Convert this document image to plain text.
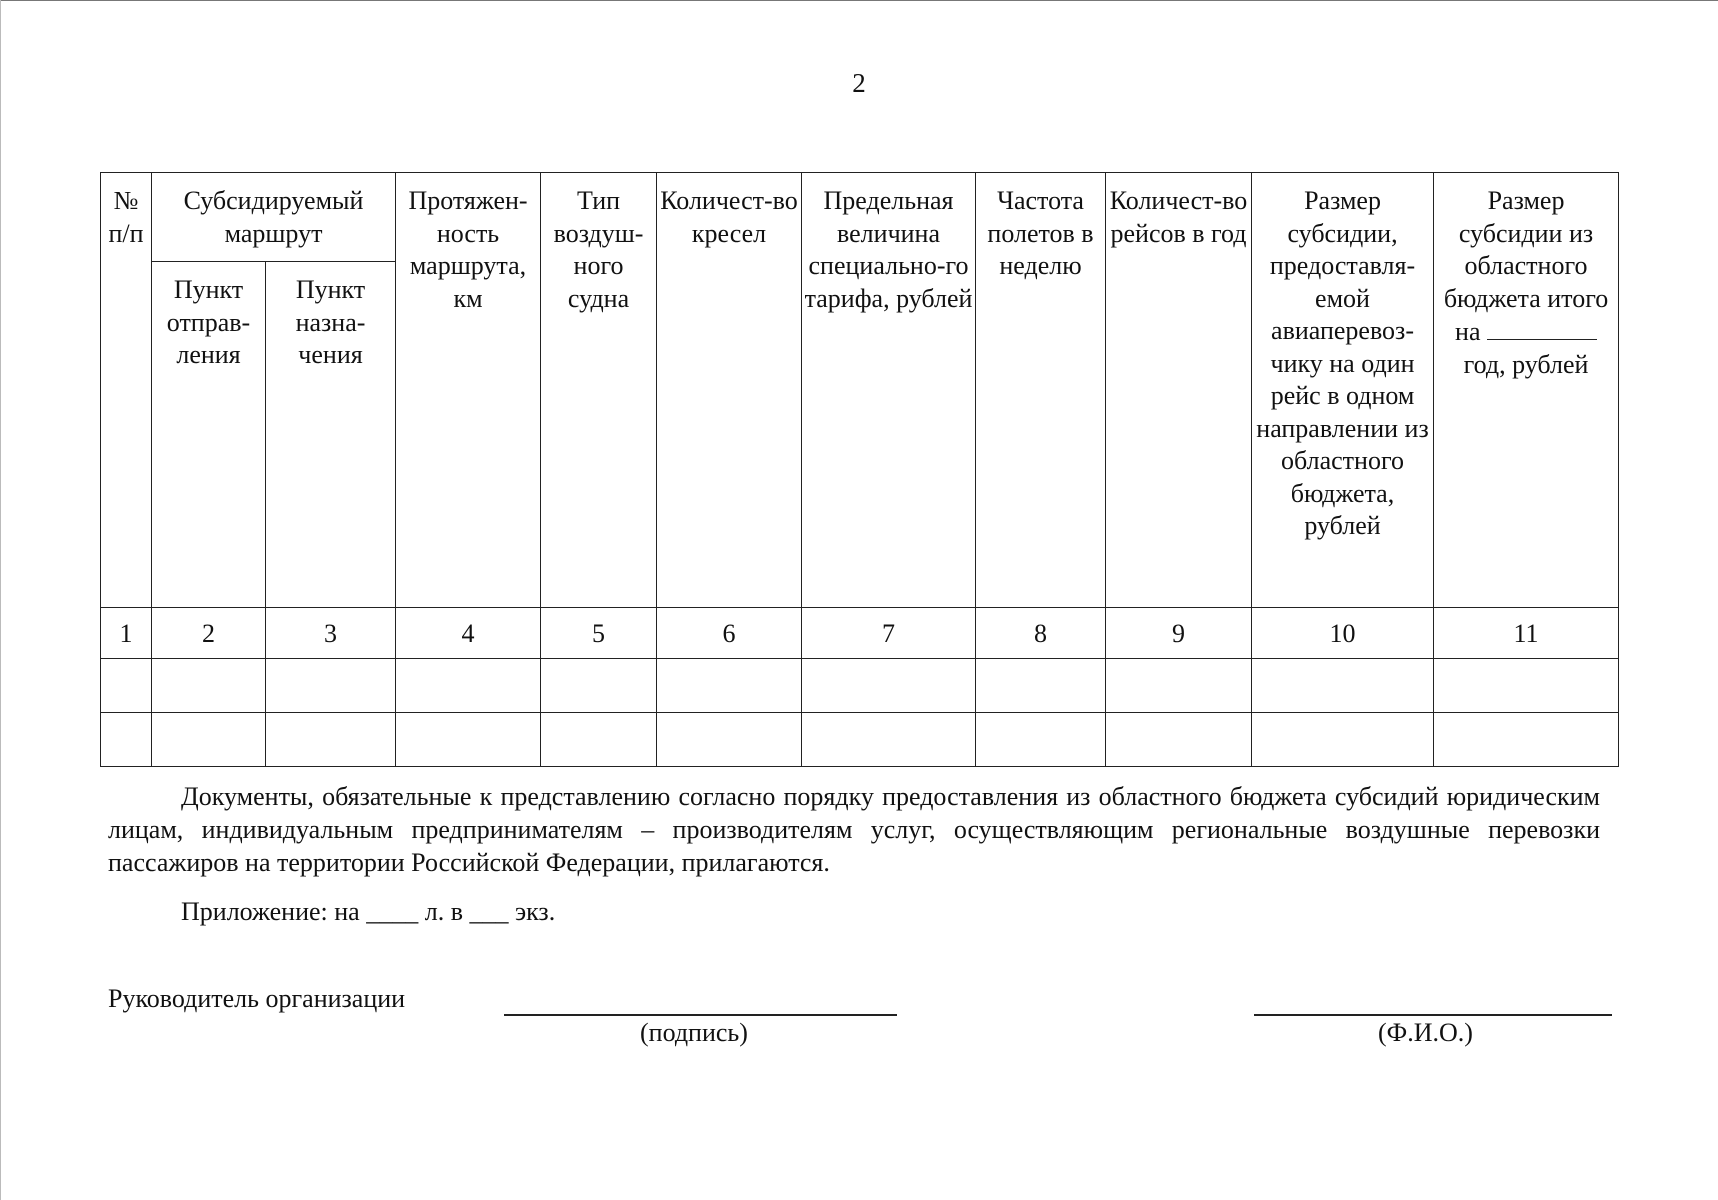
2
№ п/п	Субсидируемый маршрут		Протяжен-ность маршрута, км	Тип воздуш-ного судна	Количест-во кресел	Предельная величина специально-го тарифа, рублей	Частота полетов в неделю	Количест-во рейсов в год	Размер субсидии, предоставля-емой авиаперевоз-чику на один рейс в одном направлении из областного бюджета, рублей	Размер субсидии из областного бюджета итого на
год, рублей

	Пункт отправ-ления	Пункт назна-чения								
1	2	3	4	5	6	7	8	9	10	11

Документы, обязательные к представлению согласно порядку предоставления из областного бюджета субсидий юридическим лицам, индивидуальным предпринимателям – производителям услуг, осуществляющим региональные воздушные перевозки пассажиров на территории Российской Федерации, прилагаются.
Приложение: на ____ л. в ___ экз.
Руководитель организации
(подпись)	(Ф.И.О.)
